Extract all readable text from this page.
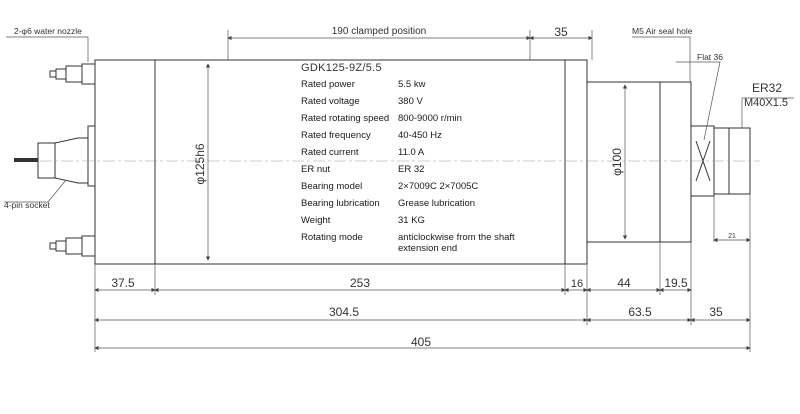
190 clamped position	35
φ125h6	φ100
37.5	253	16	44	19.5
21
304.5	63.5	35
405
2-φ6 water nozzle
4-pin socket
M5 Air seal hole
Flat 36
ER32
M40X1.5
GDK125-9Z/5.5
Rated power	5.5 kw
Rated voltage	380 V
Rated rotating speed 800-9000 r/min
Rated frequency	40-450 Hz
Rated current	11.0 A
ER nut	ER 32
Bearing model	2×7009C 2×7005C
Bearing lubrication Grease lubrication
Weight	31 KG
Rotating mode	anticlockwise from the shaft
extension end
